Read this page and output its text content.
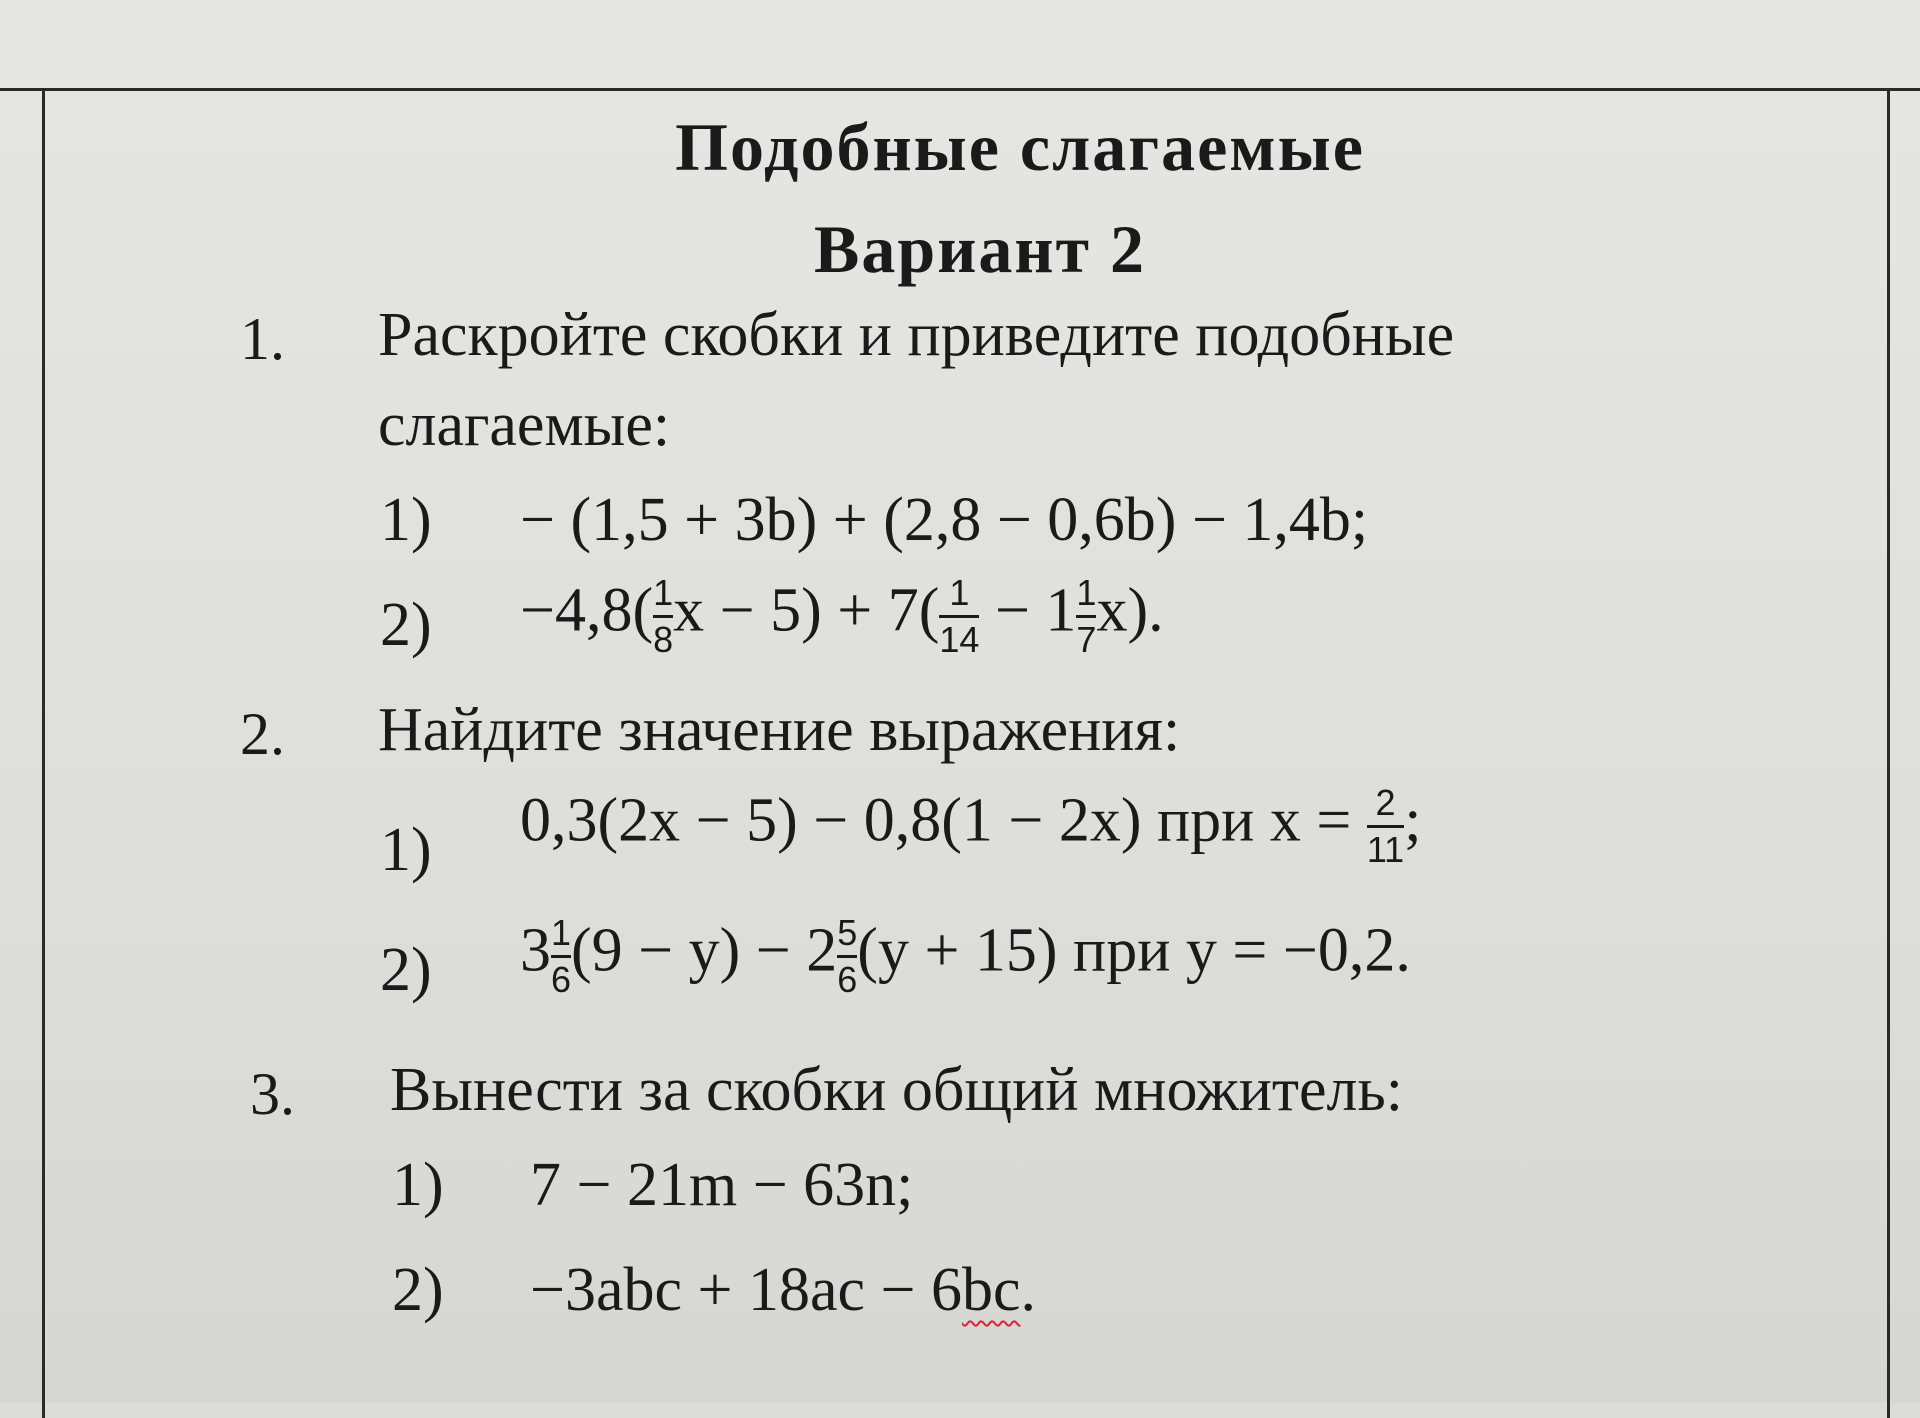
Подобные слагаемые
Вариант 2
1. Раскройте скобки и приведите подобные
слагаемые:
1) − (1,5 + 3b) + (2,8 − 0,6b) − 1,4b;
$2) -4,8( \frac{1}{8}$ $x - 5) + 7( \frac{1}{14} - 1 \frac{1}{7} x)$.
2. Найдите значение выражения:
1) 0,3(2x − 5) − 0,8(1 − 2x) при $x = \frac{2}{11}$ ;
2) $3 \frac{1}{6} (9 - y) - 2 \frac{5}{6} (y + 15)$ при y = −0,2.
3. Вынести за скобки общий множитель:
1) 7 − 21m − 63n;
2) −3abc + 18ac − 6bc.
